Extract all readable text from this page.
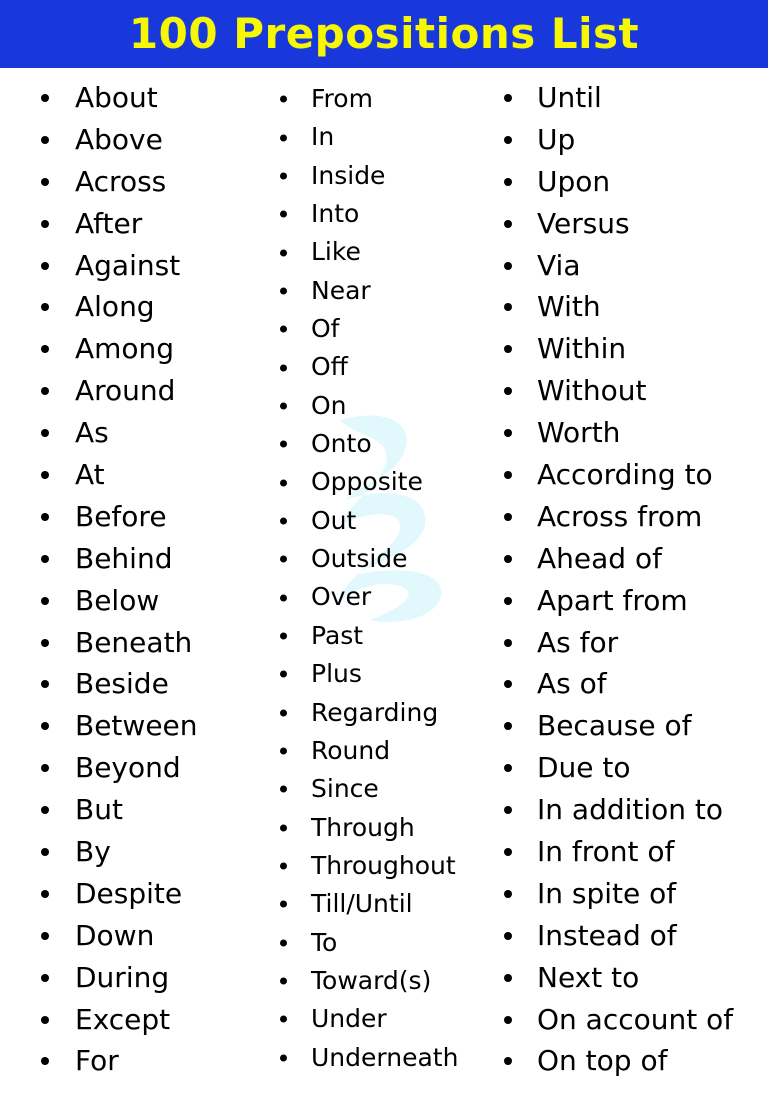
100 Prepositions List
About
Above
Across
After
Against
Along
Among
Around
As
At
Before
Behind
Below
Beneath
Beside
Between
Beyond
But
By
Despite
Down
During
Except
For
From
In
Inside
Into
Like
Near
Of
Off
On
Onto
Opposite
Out
Outside
Over
Past
Plus
Regarding
Round
Since
Through
Throughout
Till/Until
To
Toward(s)
Under
Underneath
Until
Up
Upon
Versus
Via
With
Within
Without
Worth
According to
Across from
Ahead of
Apart from
As for
As of
Because of
Due to
In addition to
In front of
In spite of
Instead of
Next to
On account of
On top of
